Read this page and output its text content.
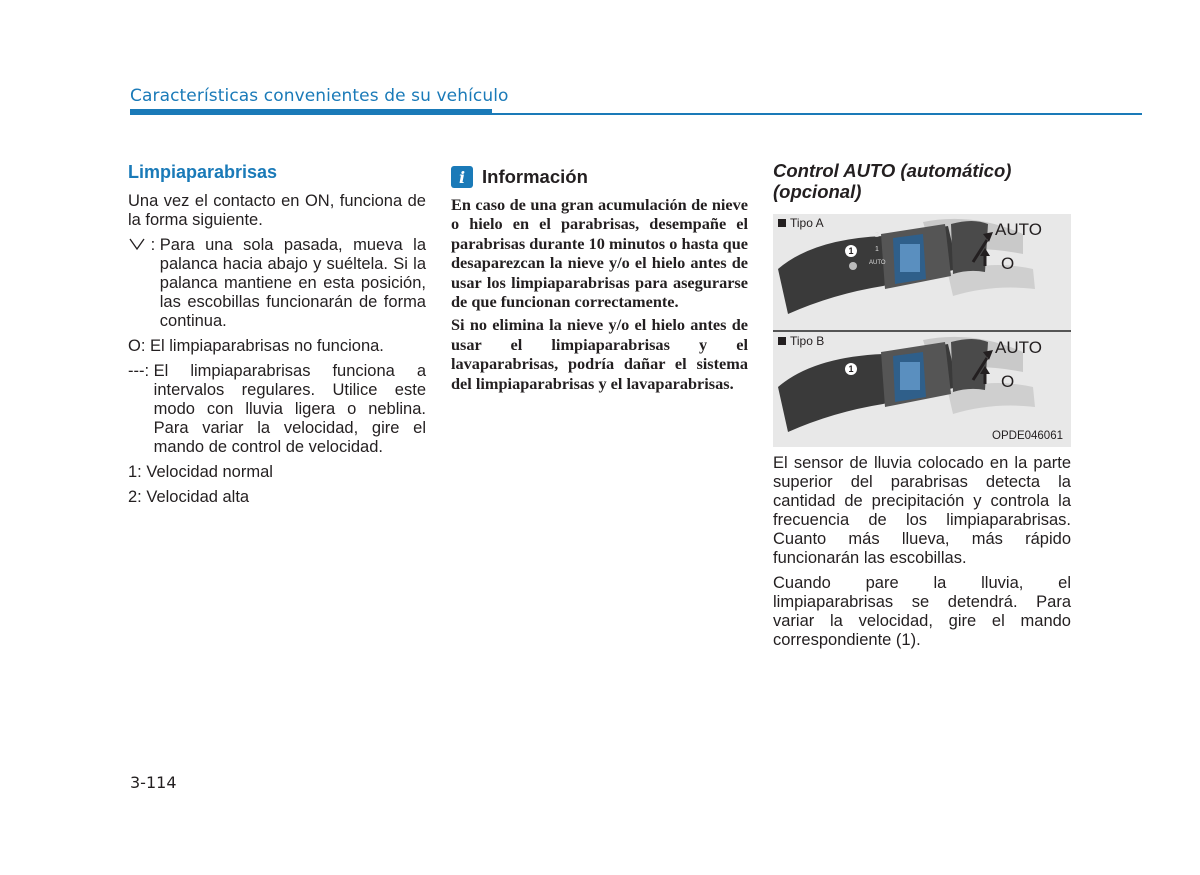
Características convenientes de su vehículo
Limpiaparabrisas

Una vez el contacto en ON, funciona de la forma siguiente.

: Para una sola pasada, mueva la palanca hacia abajo y suéltela. Si la palanca mantiene en esta posición, las escobillas funcionarán de forma continua.
O: El limpiaparabrisas no funciona.
---: El limpiaparabrisas funciona a intervalos regulares. Utilice este modo con lluvia ligera o neblina. Para variar la velocidad, gire el mando de control de velocidad.
1: Velocidad normal
2: Velocidad alta
i Información

En caso de una gran acumulación de nieve o hielo en el parabrisas, desempañe el parabrisas durante 10 minutos o hasta que desaparezcan la nieve y/o el hielo antes de usar los limpiaparabrisas para asegurarse de que funcionan correctamente.

Si no elimina la nieve y/o el hielo antes de usar el limpiaparabrisas y el lavaparabrisas, podría dañar el sistema del limpiaparabrisas y el lavaparabrisas.

Control AUTO (automático) (opcional)
Tipo A	AUTO
O
2
1
AUTO
1
Tipo B	AUTO
O
1
OPDE046061

El sensor de lluvia colocado en la parte superior del parabrisas detecta la cantidad de precipitación y controla la frecuencia de los limpiaparabrisas. Cuanto más llueva, más rápido funcionarán las escobillas.

Cuando pare la lluvia, el limpiaparabrisas se detendrá. Para variar la velocidad, gire el mando correspondiente (1).

3-114
